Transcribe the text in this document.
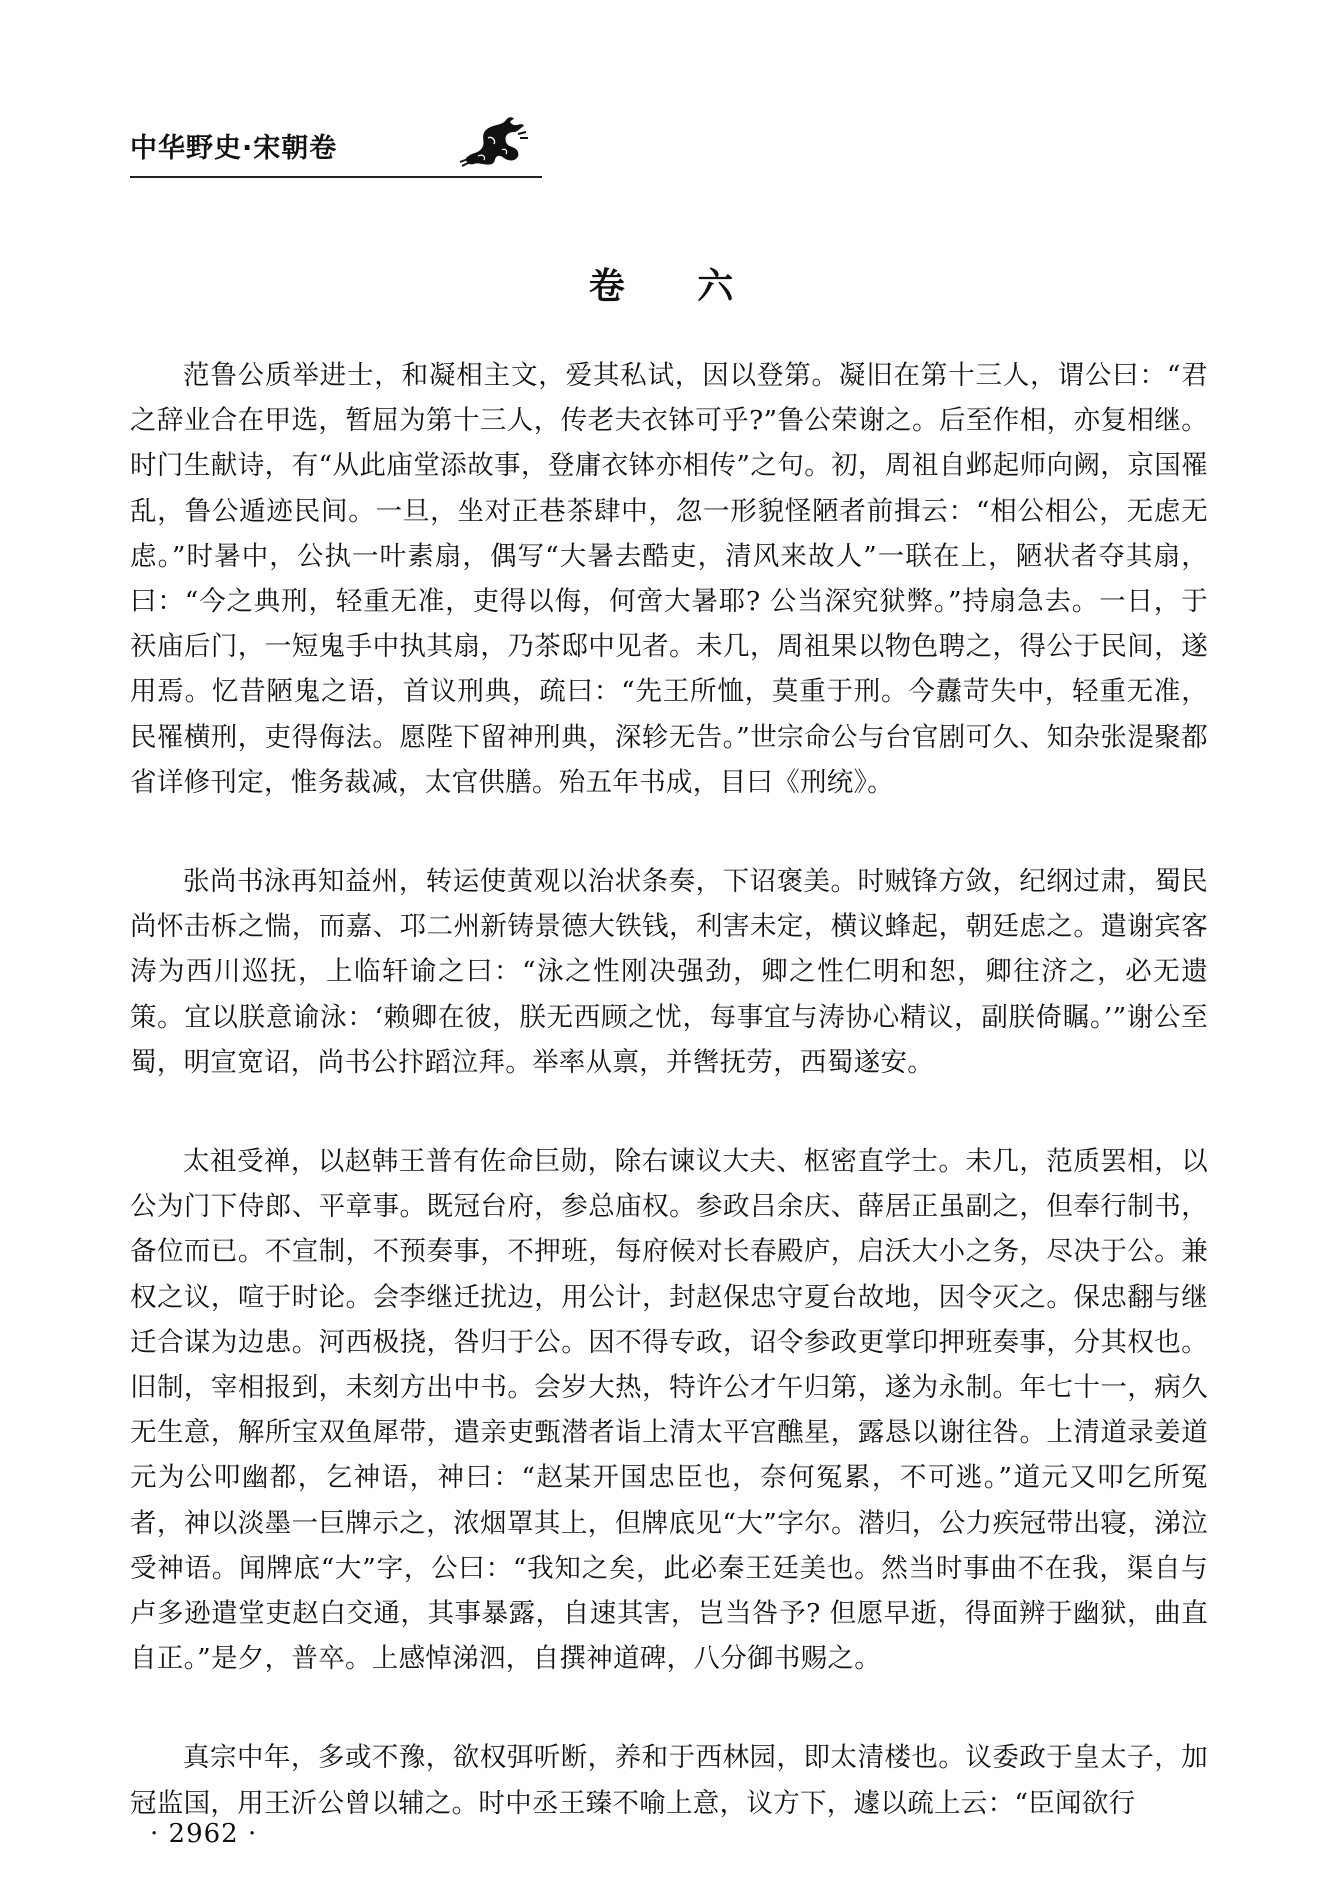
中华野史·宋朝卷
卷 六

范鲁公质举进士，和凝相主文，爱其私试，因以登第。凝旧在第十三人，谓公曰：“君之辞业合在甲选，暂屈为第十三人，传老夫衣钵可乎?”鲁公荣谢之。后至作相，亦复相继。时门生献诗，有“从此庙堂添故事，登庸衣钵亦相传”之句。初，周祖自邺起师向阙，京国罹乱，鲁公遁迹民间。一旦，坐对正巷茶肆中，忽一形貌怪陋者前揖云：“相公相公，无虑无虑。”时暑中，公执一叶素扇，偶写“大暑去酷吏，清风来故人”一联在上，陋状者夺其扇，曰：“今之典刑，轻重无准，吏得以侮，何啻大暑耶? 公当深究狱弊。”持扇急去。一日，于祆庙后门，一短鬼手中执其扇，乃茶邸中见者。未几，周祖果以物色聘之，得公于民间，遂用焉。忆昔陋鬼之语，首议刑典，疏曰：“先王所恤，莫重于刑。今纛苛失中，轻重无准，民罹横刑，吏得侮法。愿陛下留神刑典，深轸无告。”世宗命公与台官剧可久、知杂张湜聚都省详修刊定，惟务裁减，太官供膳。殆五年书成，目曰《刑统》。

张尚书泳再知益州，转运使黄观以治状条奏，下诏褒美。时贼锋方敛，纪纲过肃，蜀民尚怀击柝之惴，而嘉、邛二州新铸景德大铁钱，利害未定，横议蜂起，朝廷虑之。遣谢宾客涛为西川巡抚，上临轩谕之曰：“泳之性刚决强劲，卿之性仁明和恕，卿往济之，必无遗策。宜以朕意谕泳：‘赖卿在彼，朕无西顾之忧，每事宜与涛协心精议，副朕倚瞩。’”谢公至蜀，明宣宽诏，尚书公抃蹈泣拜。举率从禀，并辔抚劳，西蜀遂安。

太祖受禅，以赵韩王普有佐命巨勋，除右谏议大夫、枢密直学士。未几，范质罢相，以公为门下侍郎、平章事。既冠台府，参总庙权。参政吕余庆、薛居正虽副之，但奉行制书，备位而已。不宣制，不预奏事，不押班，每府候对长春殿庐，启沃大小之务，尽决于公。兼权之议，喧于时论。会李继迁扰边，用公计，封赵保忠守夏台故地，因令灭之。保忠翻与继迁合谋为边患。河西极挠，咎归于公。因不得专政，诏令参政更掌印押班奏事，分其权也。旧制，宰相报到，未刻方出中书。会岁大热，特许公才午归第，遂为永制。年七十一，病久无生意，解所宝双鱼犀带，遣亲吏甄潜者诣上清太平宫醮星，露恳以谢往咎。上清道录姜道元为公叩幽都，乞神语，神曰：“赵某开国忠臣也，奈何冤累，不可逃。”道元又叩乞所冤者，神以淡墨一巨牌示之，浓烟罩其上，但牌底见“大”字尔。潜归，公力疾冠带出寝，涕泣受神语。闻牌底“大”字，公曰：“我知之矣，此必秦王廷美也。然当时事曲不在我，渠自与卢多逊遣堂吏赵白交通，其事暴露，自速其害，岂当咎予? 但愿早逝，得面辨于幽狱，曲直自正。”是夕，普卒。上感悼涕泗，自撰神道碑，八分御书赐之。

真宗中年，多或不豫，欲权弭听断，养和于西林园，即太清楼也。议委政于皇太子，加冠监国，用王沂公曾以辅之。时中丞王臻不喻上意，议方下，遽以疏上云：“臣闻欲行

· 2962 ·
